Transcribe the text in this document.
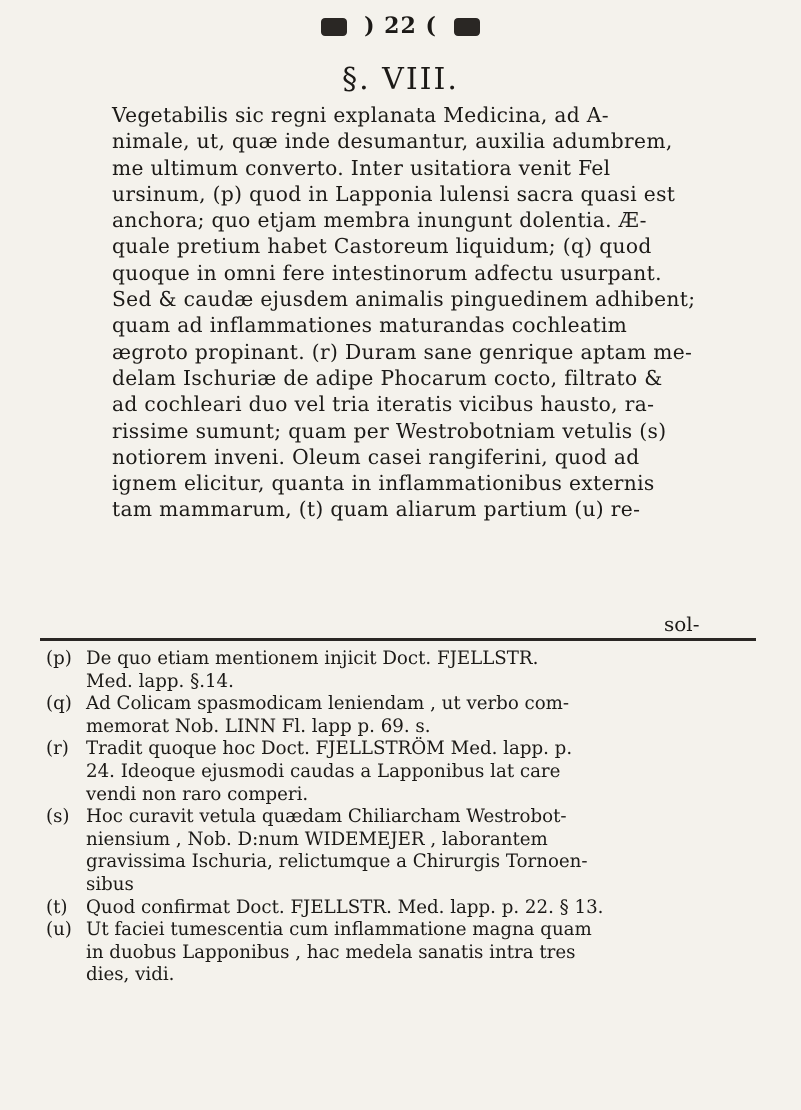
) 22 (
§. VIII.
Vegetabilis sic regni explanata Medicina, ad A-
nimale, ut, quæ inde desumantur, auxilia adumbrem,
me ultimum converto. Inter usitatiora venit Fel
ursinum, (p) quod in Lapponia lulensi sacra quasi est
anchora; quo etjam membra inungunt dolentia. Æ-
quale pretium habet Castoreum liquidum; (q) quod
quoque in omni fere intestinorum adfectu usurpant.
Sed & caudæ ejusdem animalis pinguedinem adhibent;
quam ad inflammationes maturandas cochleatim
ægroto propinant. (r) Duram sane genrique aptam me-
delam Ischuriæ de adipe Phocarum cocto, filtrato &
ad cochleari duo vel tria iteratis vicibus hausto, ra-
rissime sumunt; quam per Westrobotniam vetulis (s)
notiorem inveni. Oleum casei rangiferini, quod ad
ignem elicitur, quanta in inflammationibus externis
tam mammarum, (t) quam aliarum partium (u) re-
sol-
(p) De quo etiam mentionem injicit Doct. FJELLSTR.
Med. lapp. §.14.
(q) Ad Colicam spasmodicam leniendam , ut verbo com-
memorat Nob. LINN Fl. lapp p. 69. s.
(r) Tradit quoque hoc Doct. FJELLSTRÖM Med. lapp. p.
24. Ideoque ejusmodi caudas a Lapponibus lat care
vendi non raro comperi.
(s) Hoc curavit vetula quædam Chiliarcham Westrobot-
niensium , Nob. D:num WIDEMEJER , laborantem
gravissima Ischuria, relictumque a Chirurgis Tornoen-
sibus
(t) Quod confirmat Doct. FJELLSTR. Med. lapp. p. 22. § 13.
(u) Ut faciei tumescentia cum inflammatione magna quam
in duobus Lapponibus , hac medela sanatis intra tres
dies, vidi.
